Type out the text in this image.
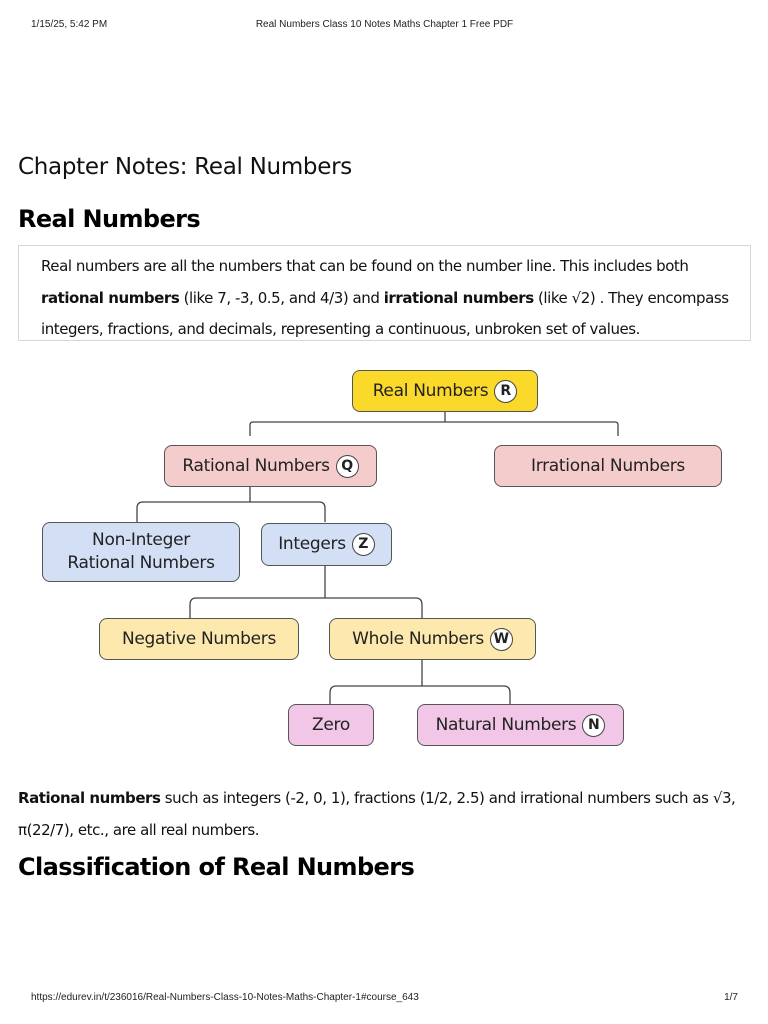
1/15/25, 5:42 PM	Real Numbers Class 10 Notes Maths Chapter 1 Free PDF
Chapter Notes: Real Numbers
Real Numbers

Real numbers are all the numbers that can be found on the number line. This includes both rational numbers (like 7, -3, 0.5, and 4/3) and irrational numbers (like √2) . They encompass integers, fractions, and decimals, representing a continuous, unbroken set of values.

Real Numbers R
Rational Numbers Q	Irrational Numbers
Non-Integer
Rational Numbers
Integers Z
Negative Numbers	Whole Numbers W
Zero	Natural Numbers N

Rational numbers such as integers (-2, 0, 1), fractions (1/2, 2.5) and irrational numbers such as √3, π(22/7), etc., are all real numbers.

Classification of Real Numbers
https://edurev.in/t/236016/Real-Numbers-Class-10-Notes-Maths-Chapter-1#course_643	1/7
